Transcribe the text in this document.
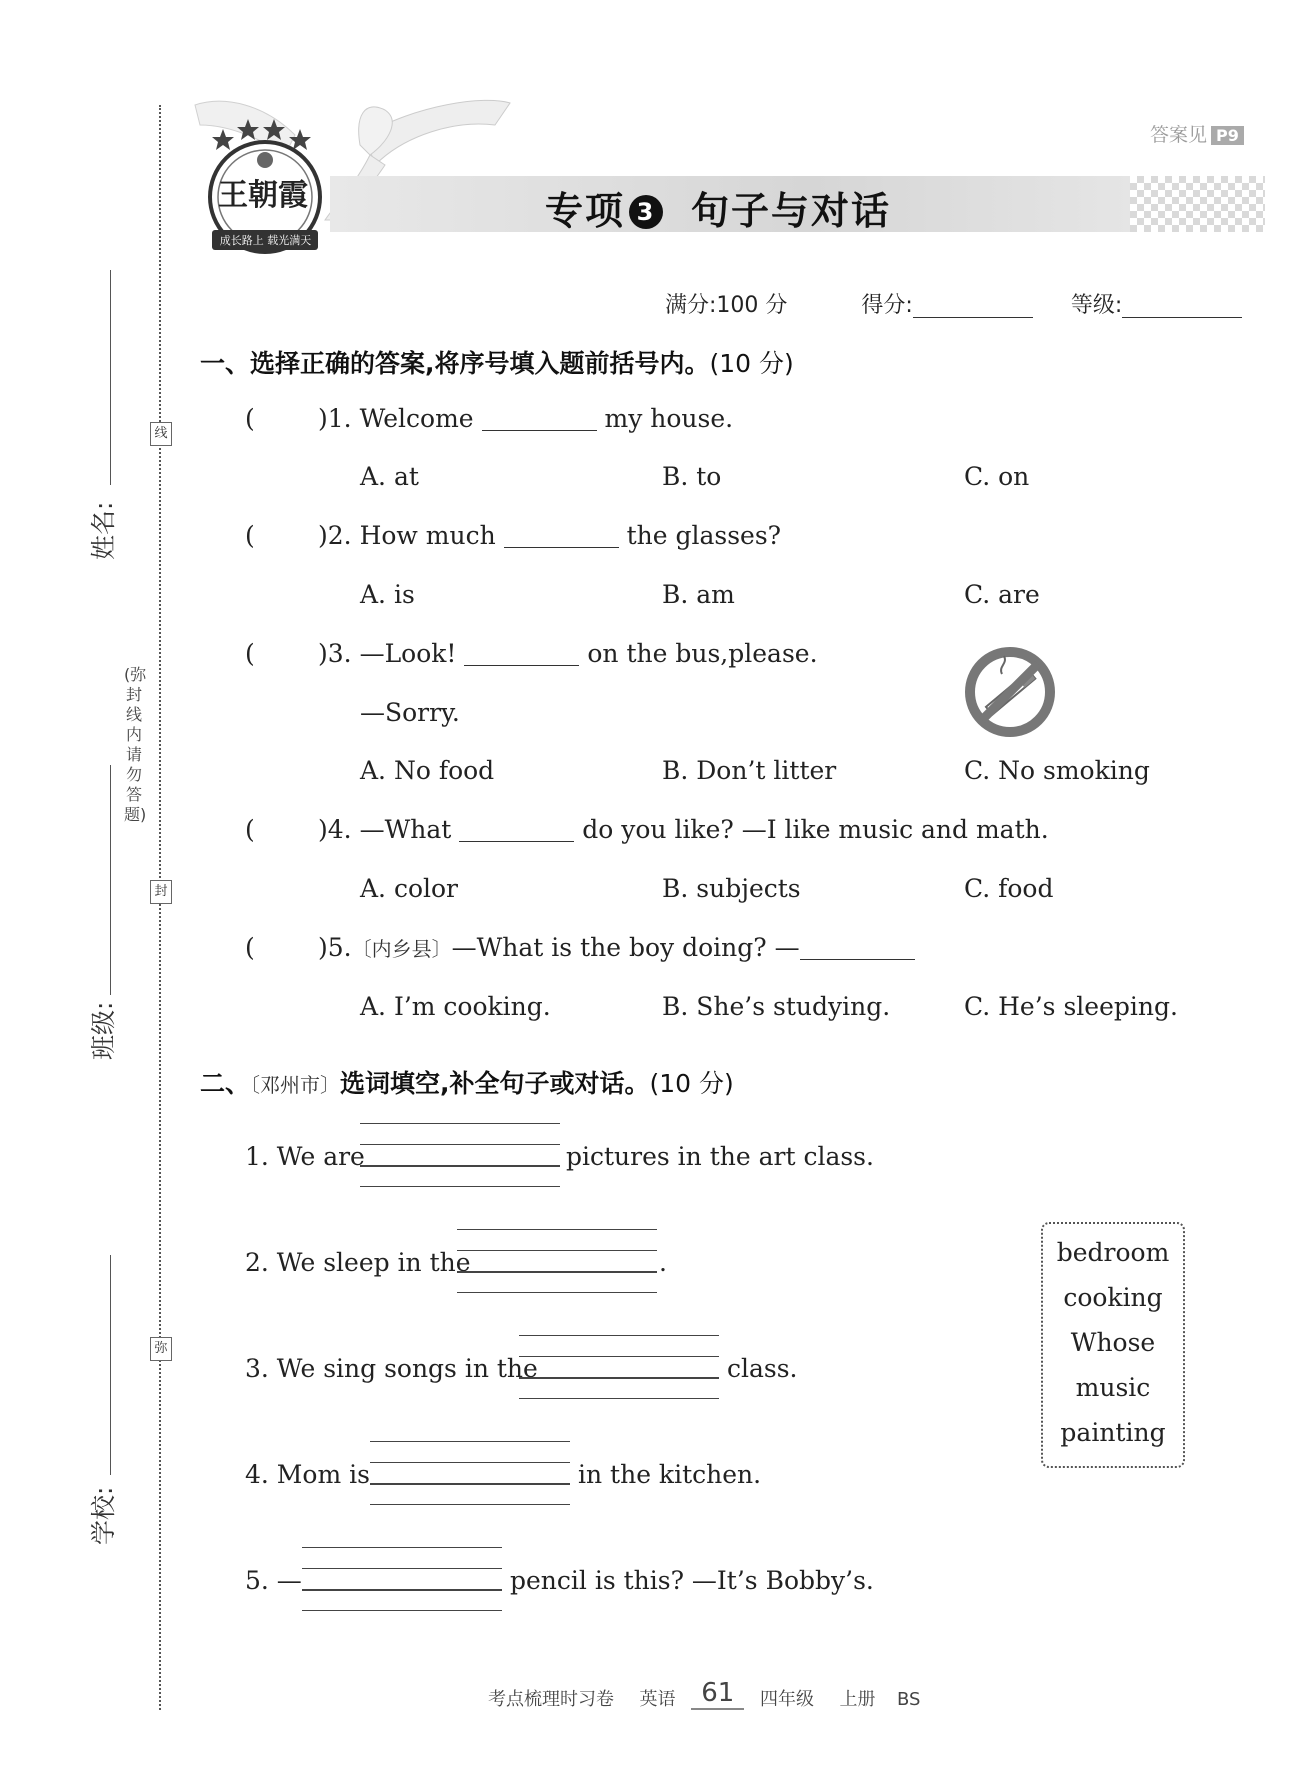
姓名:
班级:
学校:
线
封
弥
(弥封线内请勿答题)
答案见 P9
王朝霞
成长路上 载光满天
专项 3 句子与对话
满分:100 分	得分:	等级:
一、选择正确的答案,将序号填入题前括号内。(10 分)
(	)1. Welcome	my house.
A. at	B. to	C. on
(	)2. How much	the glasses?
A. is	B. am	C. are
(	)3. —Look!	on the bus,please.
—Sorry.
A. No food	B. Don’t litter	C. No smoking
(	)4. —What	do you like? —I like music and math.
A. color	B. subjects	C. food
(	)5.〔内乡县〕—What is the boy doing? —
A. I’m cooking.	B. She’s studying.	C. He’s sleeping.
二、〔邓州市〕选词填空,补全句子或对话。(10 分)
1. We are	pictures in the art class.
2. We sleep in the	.
3. We sing songs in the	class.
4. Mom is	in the kitchen.
5. —	pencil is this? —It’s Bobby’s.
bedroom
cooking
Whose
music
painting
考点梳理时习卷 英语 61 四年级 上册 BS
